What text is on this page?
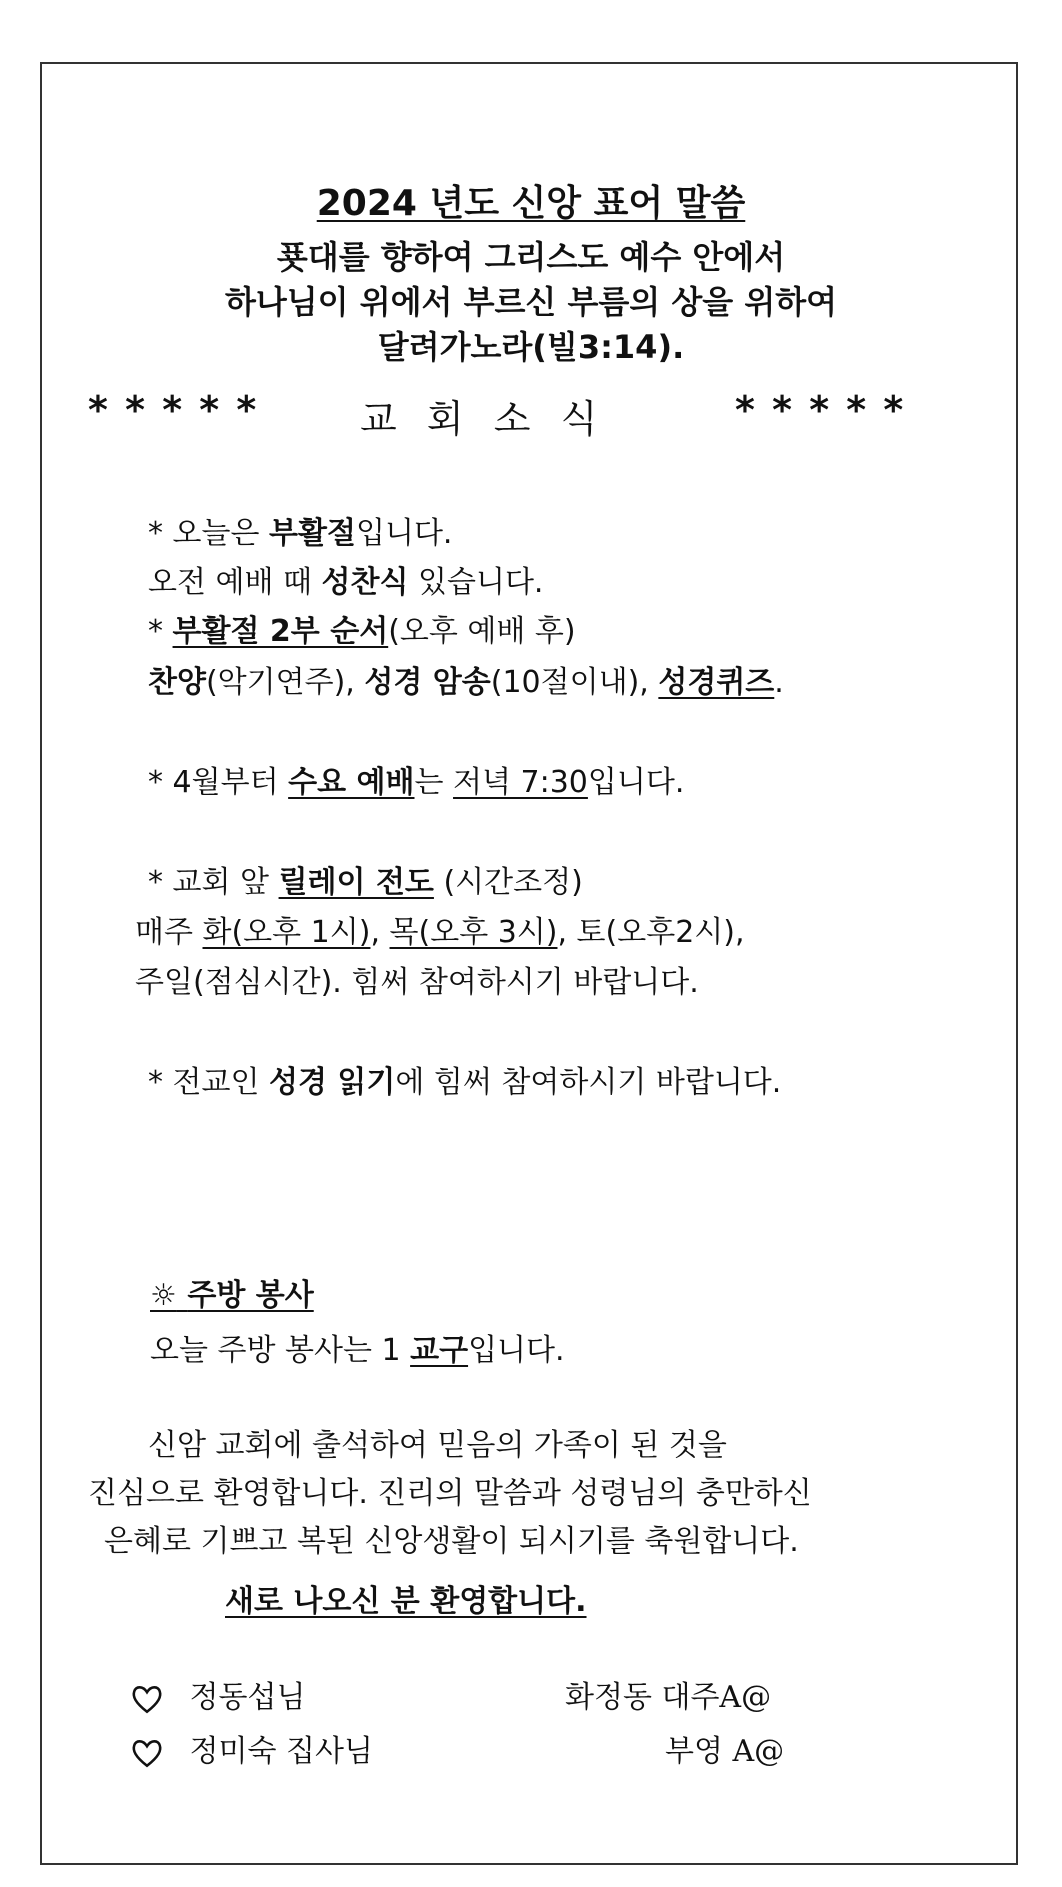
2024 년도 신앙 표어 말씀
푯대를 향하여 그리스도 예수 안에서
하나님이 위에서 부르신 부름의 상을 위하여
달려가노라(빌3:14).
* * * * *	교  회  소  식	* * * * *
* 오늘은 부활절입니다.
오전 예배 때 성찬식 있습니다.
* 부활절 2부 순서(오후 예배 후)
찬양(악기연주), 성경 암송(10절이내), 성경퀴즈.
* 4월부터 수요 예배는 저녁 7:30입니다.
* 교회 앞 릴레이 전도 (시간조정)
매주 화(오후 1시), 목(오후 3시), 토(오후2시),
주일(점심시간). 힘써 참여하시기 바랍니다.
* 전교인 성경 읽기에 힘써 참여하시기 바랍니다.
☼ 주방 봉사
오늘 주방 봉사는 1 교구입니다.
신암 교회에 출석하여 믿음의 가족이 된 것을
진심으로 환영합니다. 진리의 말씀과 성령님의 충만하신
은혜로 기쁘고 복된 신앙생활이 되시기를 축원합니다.
새로 나오신 분 환영합니다.
정동섭님	화정동 대주A@
정미숙 집사님	부영 A@
